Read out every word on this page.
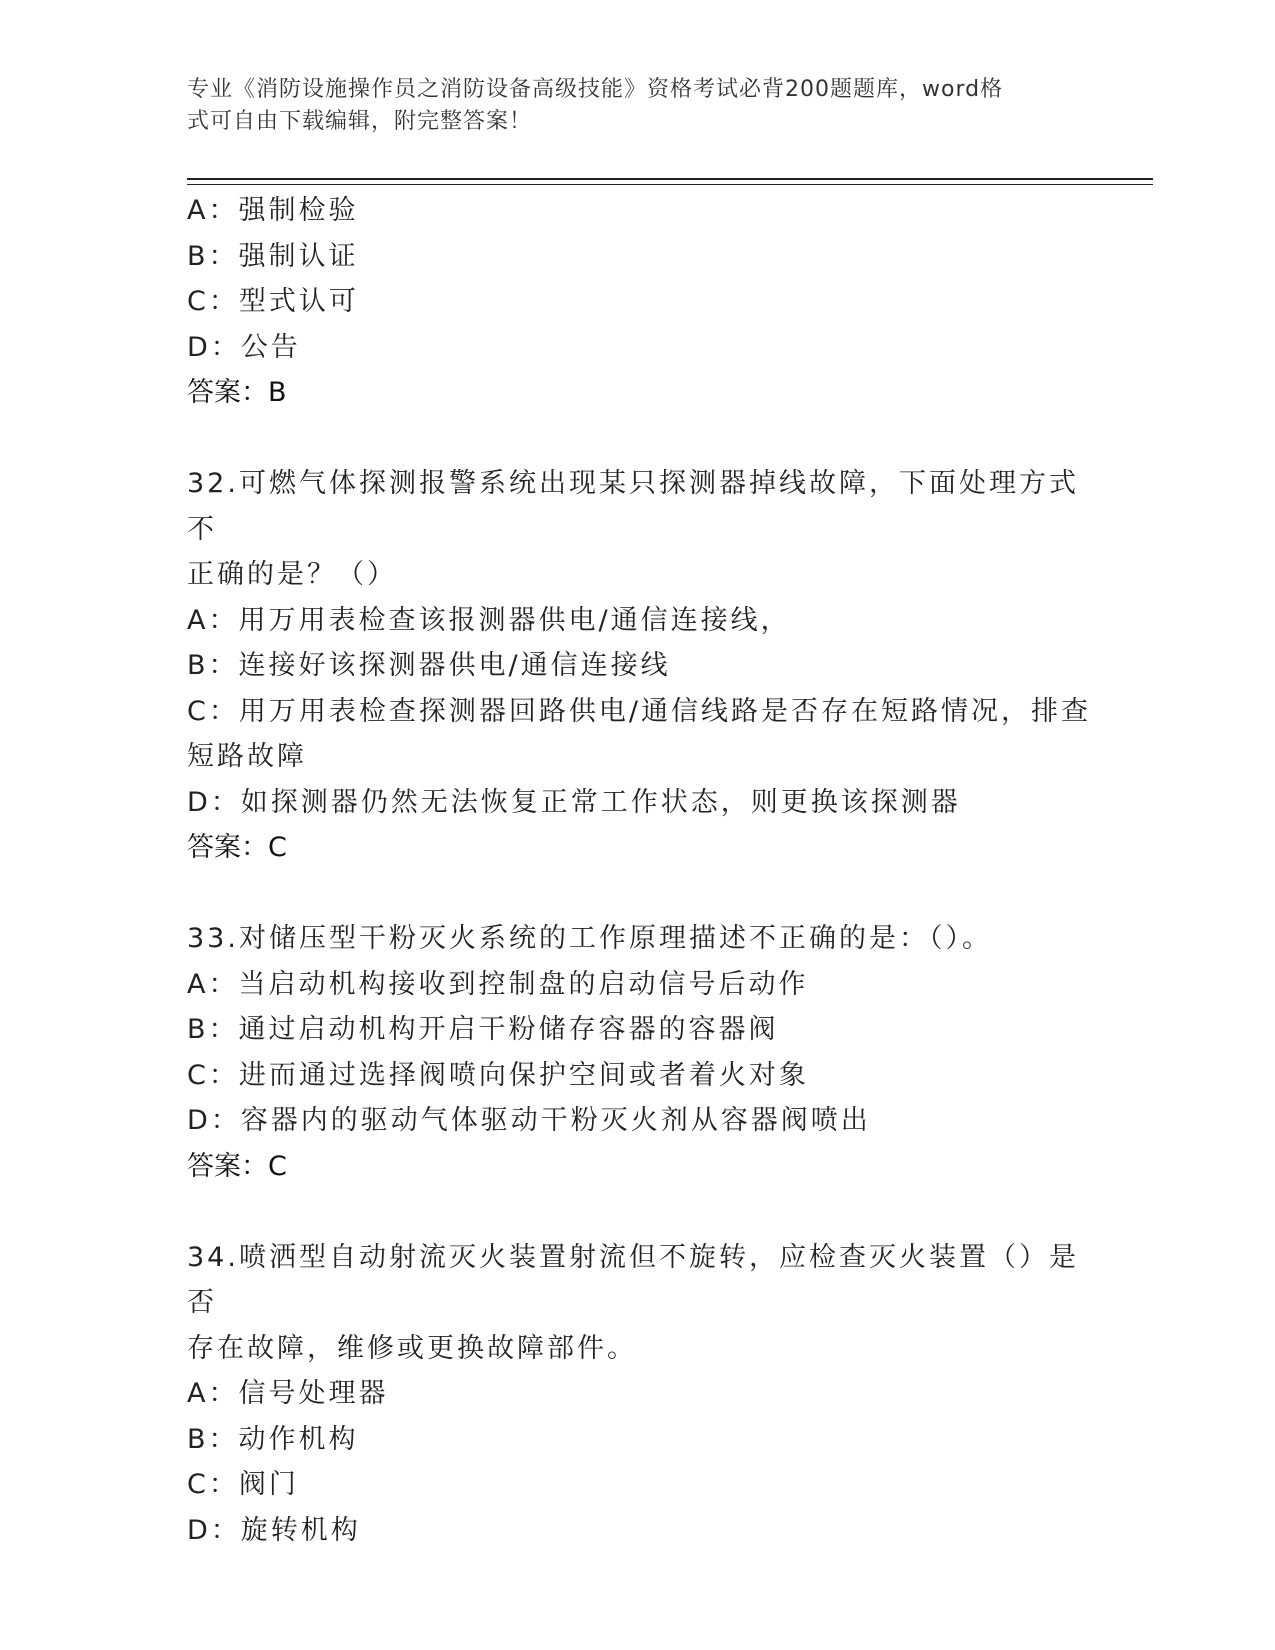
专业《消防设施操作员之消防设备高级技能》资格考试必背200题题库，word格
式可自由下载编辑，附完整答案！
A：强制检验
B：强制认证
C：型式认可
D：公告
答案：B
32.可燃气体探测报警系统出现某只探测器掉线故障，下面处理方式不
正确的是？（）
A：用万用表检查该报测器供电/通信连接线，
B：连接好该探测器供电/通信连接线
C：用万用表检查探测器回路供电/通信线路是否存在短路情况，排查
短路故障
D：如探测器仍然无法恢复正常工作状态，则更换该探测器
答案：C
33.对储压型干粉灭火系统的工作原理描述不正确的是：（）。
A：当启动机构接收到控制盘的启动信号后动作
B：通过启动机构开启干粉储存容器的容器阀
C：进而通过选择阀喷向保护空间或者着火对象
D：容器内的驱动气体驱动干粉灭火剂从容器阀喷出
答案：C
34.喷洒型自动射流灭火装置射流但不旋转，应检查灭火装置（）是否
存在故障，维修或更换故障部件。
A：信号处理器
B：动作机构
C：阀门
D：旋转机构
